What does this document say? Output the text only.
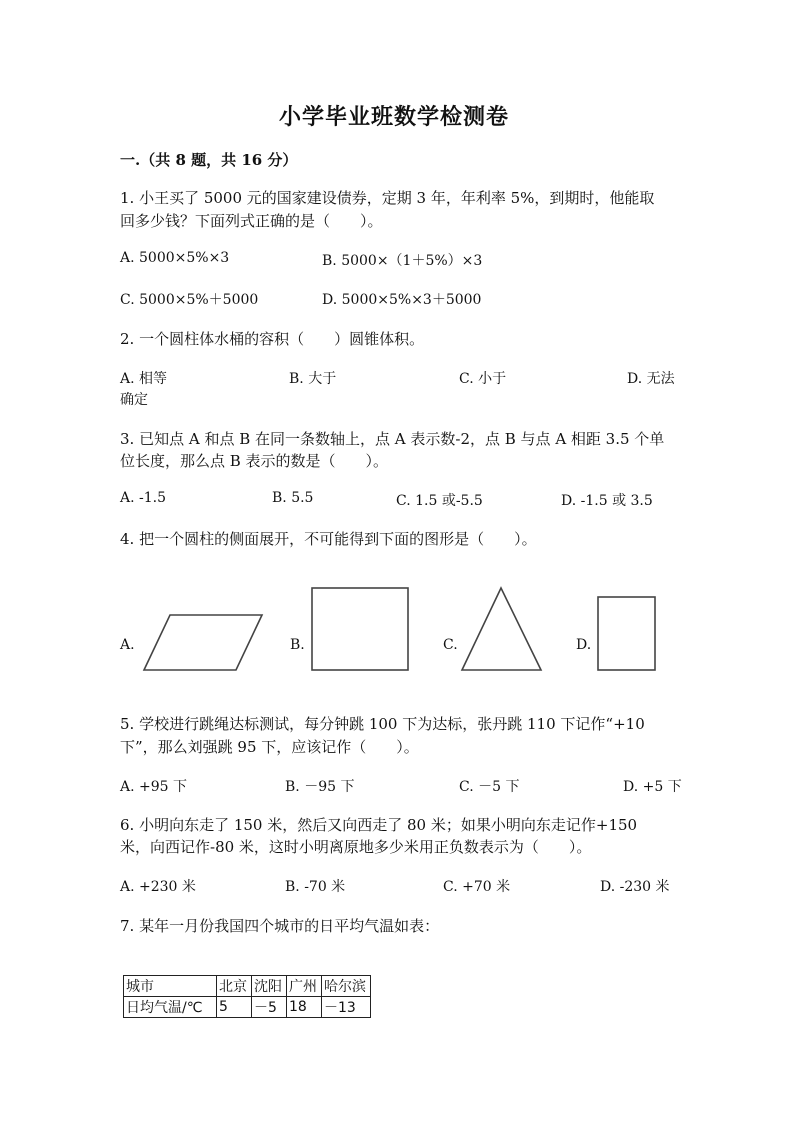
小学毕业班数学检测卷
一.（共 8 题，共 16 分）
1. 小王买了 5000 元的国家建设债券，定期 3 年，年利率 5%，到期时，他能取
回多少钱？下面列式正确的是（　　）。
A. 5000×5%×3	B. 5000×（1＋5%）×3
C. 5000×5%＋5000	D. 5000×5%×3＋5000
2. 一个圆柱体水桶的容积（　　）圆锥体积。
A. 相等	B. 大于	C. 小于	D. 无法
确定
3. 已知点 A 和点 B 在同一条数轴上，点 A 表示数-2，点 B 与点 A 相距 3.5 个单
位长度，那么点 B 表示的数是（　　）。
A. -1.5	B. 5.5	C. 1.5 或-5.5	D. -1.5 或 3.5
4. 把一个圆柱的侧面展开，不可能得到下面的图形是（　　）。
A.	B.	C.	D.
5. 学校进行跳绳达标测试，每分钟跳 100 下为达标，张丹跳 110 下记作“+10
下”，那么刘强跳 95 下，应该记作（　　）。
A. +95 下	B. －95 下	C. －5 下	D. +5 下
6. 小明向东走了 150 米，然后又向西走了 80 米；如果小明向东走记作+150
米，向西记作-80 米，这时小明离原地多少米用正负数表示为（　　）。
A. +230 米	B. -70 米	C. +70 米	D. -230 米
7. 某年一月份我国四个城市的日平均气温如表：
城市	北京	沈阳	广州	哈尔滨
日均气温/℃	5	－5	18	－13
